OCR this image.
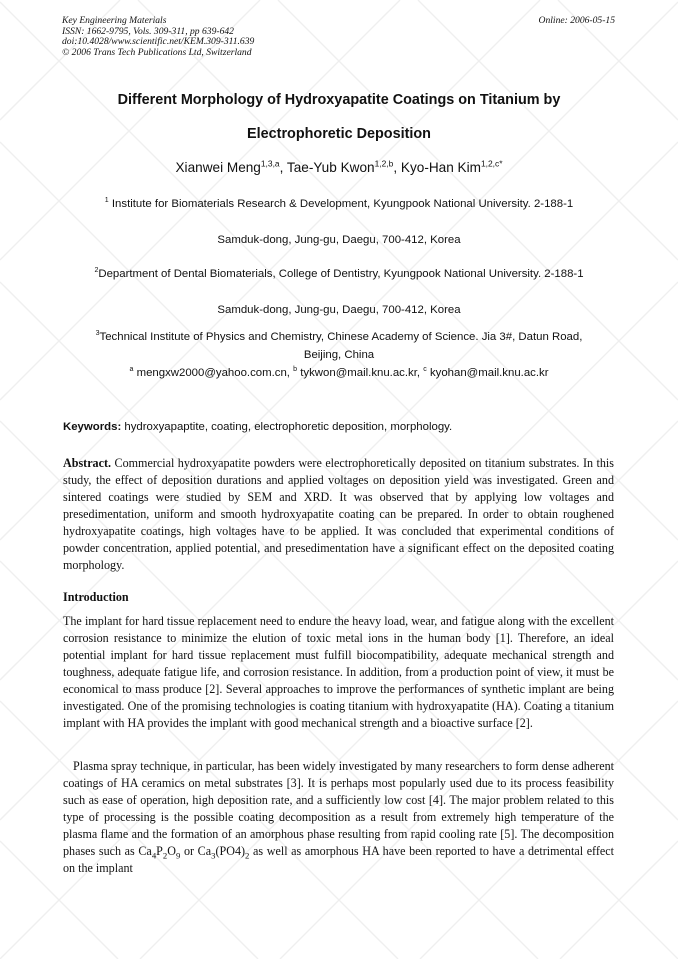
Key Engineering Materials
ISSN: 1662-9795, Vols. 309-311, pp 639-642
doi:10.4028/www.scientific.net/KEM.309-311.639
© 2006 Trans Tech Publications Ltd, Switzerland
Online: 2006-05-15
Different Morphology of Hydroxyapatite Coatings on Titanium by
Electrophoretic Deposition
Xianwei Meng$^{1,3,a}$, Tae-Yub Kwon$^{1,2,b}$, Kyo-Han Kim$^{1,2,c*}$
$^1$ Institute for Biomaterials Research & Development, Kyungpook National University. 2-188-1
Samduk-dong, Jung-gu, Daegu, 700-412, Korea
$^2$Department of Dental Biomaterials, College of Dentistry, Kyungpook National University. 2-188-1
Samduk-dong, Jung-gu, Daegu, 700-412, Korea
$^3$Technical Institute of Physics and Chemistry, Chinese Academy of Science. Jia 3#, Datun Road,
Beijing, China
$^a$ mengxw2000@yahoo.com.cn, $^b$ tykwon@mail.knu.ac.kr, $^c$ kyohan@mail.knu.ac.kr
Keywords: hydroxyapaptite, coating, electrophoretic deposition, morphology.
Abstract. Commercial hydroxyapatite powders were electrophoretically deposited on titanium substrates. In this study, the effect of deposition durations and applied voltages on deposition yield was investigated. Green and sintered coatings were studied by SEM and XRD. It was observed that by applying low voltages and presedimentation, uniform and smooth hydroxyapatite coating can be prepared. In order to obtain roughened hydroxyapatite coatings, high voltages have to be applied. It was concluded that experimental conditions of powder concentration, applied potential, and presedimentation have a significant effect on the deposited coating morphology.
Introduction
The implant for hard tissue replacement need to endure the heavy load, wear, and fatigue along with the excellent corrosion resistance to minimize the elution of toxic metal ions in the human body [1]. Therefore, an ideal potential implant for hard tissue replacement must fulfill biocompatibility, adequate mechanical strength and toughness, adequate fatigue life, and corrosion resistance. In addition, from a production point of view, it must be economical to mass produce [2]. Several approaches to improve the performances of synthetic implant are being investigated. One of the promising technologies is coating titanium with hydroxyapatite (HA). Coating a titanium implant with HA provides the implant with good mechanical strength and a bioactive surface [2].
Plasma spray technique, in particular, has been widely investigated by many researchers to form dense adherent coatings of HA ceramics on metal substrates [3]. It is perhaps most popularly used due to its process feasibility such as ease of operation, high deposition rate, and a sufficiently low cost [4]. The major problem related to this type of processing is the possible coating decomposition as a result from extremely high temperature of the plasma flame and the formation of an amorphous phase resulting from rapid cooling rate [5]. The decomposition phases such as $Ca_4P_2O_9$ or $Ca_3(PO4)_2$ as well as amorphous HA have been reported to have a detrimental effect on the implant
